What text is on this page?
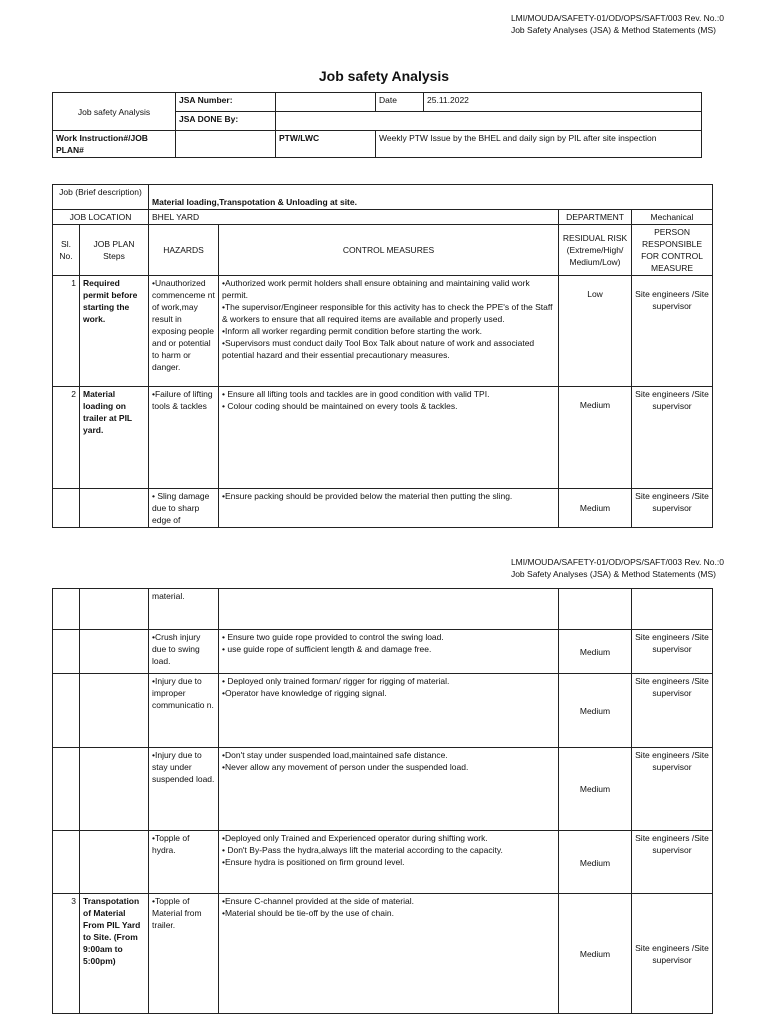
LMI/MOUDA/SAFETY-01/OD/OPS/SAFT/003 Rev. No.:0
Job Safety Analyses (JSA) & Method Statements (MS)
Job safety Analysis
Job safety Analysis	JSA Number:		Date	25.11.2022
	JSA DONE By:			
Work Instruction#/JOB PLAN#		PTW/LWC	Weekly PTW Issue by the BHEL and daily sign by PIL after site inspection	
Job (Brief description)		Material loading,Transpotation & Unloading at site.			
JOB LOCATION		BHEL YARD		DEPARTMENT	Mechanical
Sl. No.	JOB PLAN Steps	HAZARDS	CONTROL MEASURES	RESIDUAL RISK (Extreme/High/ Medium/Low)	PERSON RESPONSIBLE FOR CONTROL MEASURE
1	Required permit before starting the work.	•Unauthorized commenceme nt of work,may result in exposing people and or potential to harm or danger.	•Authorized work permit holders shall ensure obtaining and maintaining valid work permit.
•The supervisor/Engineer responsible for this activity has to check the PPE's of the Staff & workers to ensure that all required items are available and properly used.
•Inform all worker regarding permit condition before starting the work.
•Supervisors must conduct daily Tool Box Talk about nature of work and associated potential hazard and their essential precautionary measures.	Low	Site engineers /Site supervisor
2	Material loading on trailer at PIL yard.	•Failure of lifting tools & tackles	• Ensure all lifting tools and tackles are in good condition with valid TPI.
• Colour coding should be maintained on every tools & tackles.	Medium	Site engineers /Site supervisor
		• Sling damage due to sharp edge of	•Ensure packing should be provided below the material then putting the sling.	Medium	Site engineers /Site supervisor
LMI/MOUDA/SAFETY-01/OD/OPS/SAFT/003 Rev. No.:0
Job Safety Analyses (JSA) & Method Statements (MS)
		material.			
		•Crush injury due to swing load.	• Ensure two guide rope provided to control the swing load.
• use guide rope of sufficient length & and damage free.	Medium	Site engineers /Site supervisor
		•Injury due to improper communicatio n.	• Deployed only trained forman/ rigger for rigging of material.
•Operator have knowledge of rigging signal.	Medium	Site engineers /Site supervisor
		•Injury due to stay under suspended load.	•Don't stay under suspended load,maintained safe distance.
•Never allow any movement of person under the suspended load.	Medium	Site engineers /Site supervisor
		•Topple of hydra.	•Deployed only Trained and Experienced operator during shifting work.
• Don't By-Pass the hydra,always lift the material according to the capacity.
•Ensure hydra is positioned on firm ground level.	Medium	Site engineers /Site supervisor
3	Transpotation of Material From PIL Yard to Site. (From 9:00am to 5:00pm)	•Topple of Material from trailer.	•Ensure C-channel provided at the side of material.
•Material should be tie-off by the use of chain.	Medium	Site engineers /Site supervisor
